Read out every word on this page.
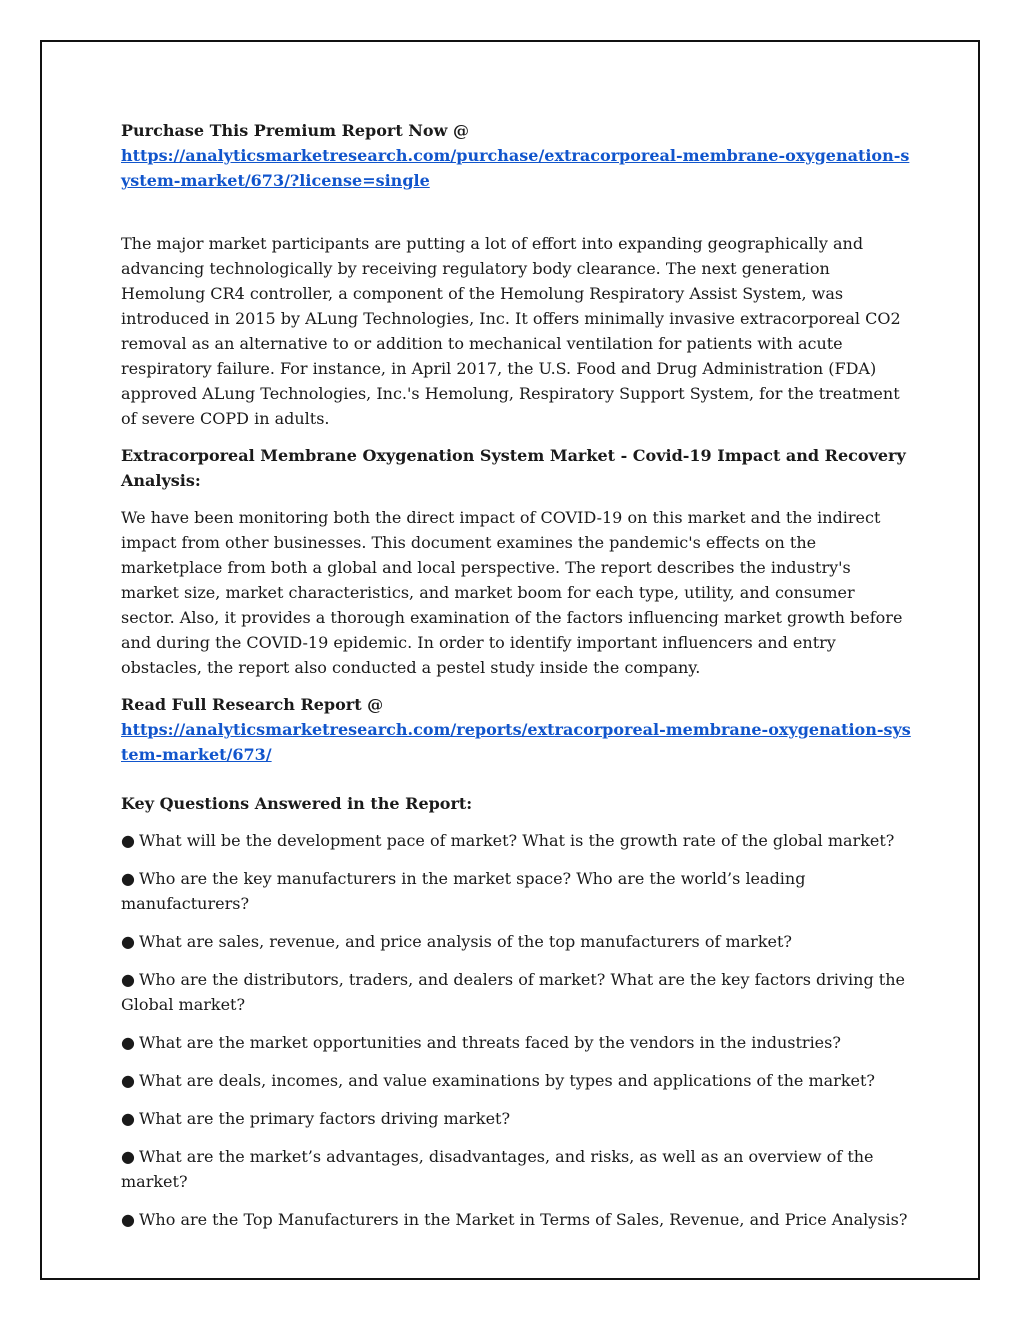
Purchase This Premium Report Now @

https://analyticsmarketresearch.com/purchase/extracorporeal-membrane-oxygenation-system-market/673/?license=single

The major market participants are putting a lot of effort into expanding geographically and advancing technologically by receiving regulatory body clearance. The next generation Hemolung CR4 controller, a component of the Hemolung Respiratory Assist System, was introduced in 2015 by ALung Technologies, Inc. It offers minimally invasive extracorporeal CO2 removal as an alternative to or addition to mechanical ventilation for patients with acute respiratory failure. For instance, in April 2017, the U.S. Food and Drug Administration (FDA) approved ALung Technologies, Inc.'s Hemolung, Respiratory Support System, for the treatment of severe COPD in adults.

Extracorporeal Membrane Oxygenation System Market - Covid-19 Impact and Recovery Analysis:

We have been monitoring both the direct impact of COVID-19 on this market and the indirect impact from other businesses. This document examines the pandemic's effects on the marketplace from both a global and local perspective. The report describes the industry's market size, market characteristics, and market boom for each type, utility, and consumer sector. Also, it provides a thorough examination of the factors influencing market growth before and during the COVID-19 epidemic. In order to identify important influencers and entry obstacles, the report also conducted a pestel study inside the company.

Read Full Research Report @

https://analyticsmarketresearch.com/reports/extracorporeal-membrane-oxygenation-system-market/673/

Key Questions Answered in the Report:

● What will be the development pace of market? What is the growth rate of the global market?
● Who are the key manufacturers in the market space? Who are the world’s leading manufacturers?
● What are sales, revenue, and price analysis of the top manufacturers of market?
● Who are the distributors, traders, and dealers of market? What are the key factors driving the Global market?
● What are the market opportunities and threats faced by the vendors in the industries?
● What are deals, incomes, and value examinations by types and applications of the market?
● What are the primary factors driving market?
● What are the market’s advantages, disadvantages, and risks, as well as an overview of the market?
● Who are the Top Manufacturers in the Market in Terms of Sales, Revenue, and Price Analysis?
